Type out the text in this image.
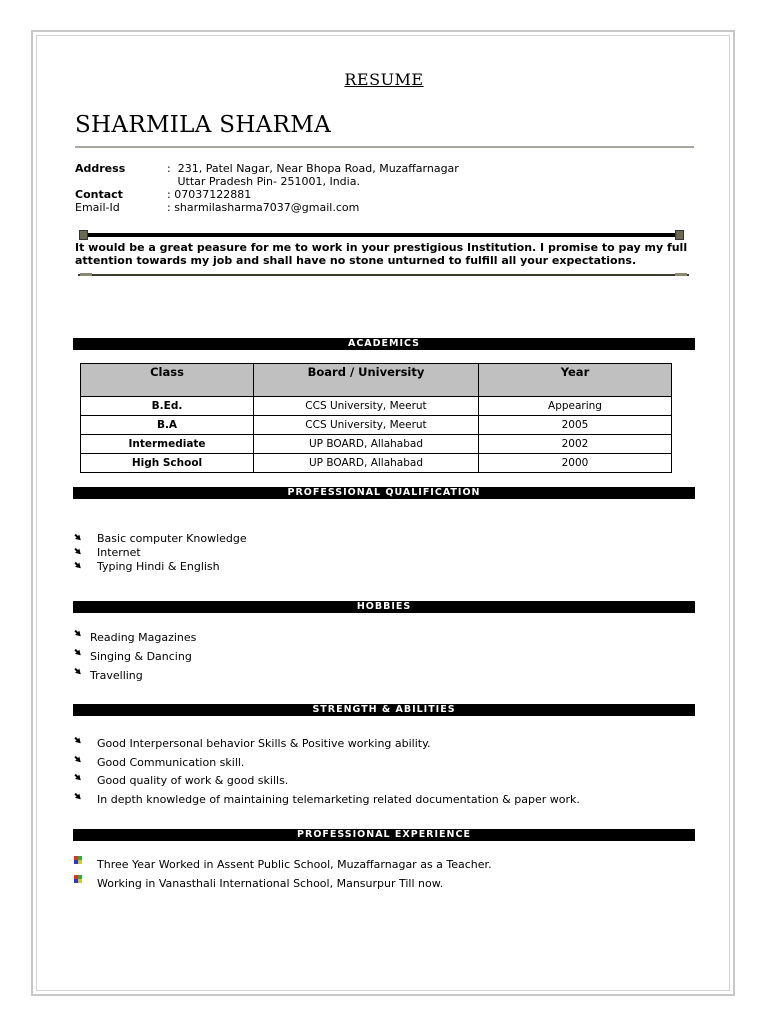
RESUME
SHARMILA SHARMA
Address	:  231, Patel Nagar, Near Bhopa Road, Muzaffarnagar
Uttar Pradesh Pin- 251001, India.
Contact	: 07037122881
Email-Id	: sharmilasharma7037@gmail.com
It would be a great peasure for me to work in your prestigious Institution. I promise to pay my full attention towards my job and shall have no stone unturned to fulfill all your expectations.
ACADEMICS
Class	Board / University	Year
B.Ed.	CCS University, Meerut	Appearing
B.A	CCS University, Meerut	2005
Intermediate	UP BOARD, Allahabad	2002
High School	UP BOARD, Allahabad	2000
PROFESSIONAL QUALIFICATION
Basic computer Knowledge
Internet
Typing Hindi & English
HOBBIES
Reading Magazines
Singing & Dancing
Travelling
STRENGTH & ABILITIES
Good Interpersonal behavior Skills & Positive working ability.
Good Communication skill.
Good quality of work & good skills.
In depth knowledge of maintaining telemarketing related documentation & paper work.
PROFESSIONAL EXPERIENCE
Three Year Worked in Assent Public School, Muzaffarnagar as a Teacher.
Working in Vanasthali International School, Mansurpur Till now.
